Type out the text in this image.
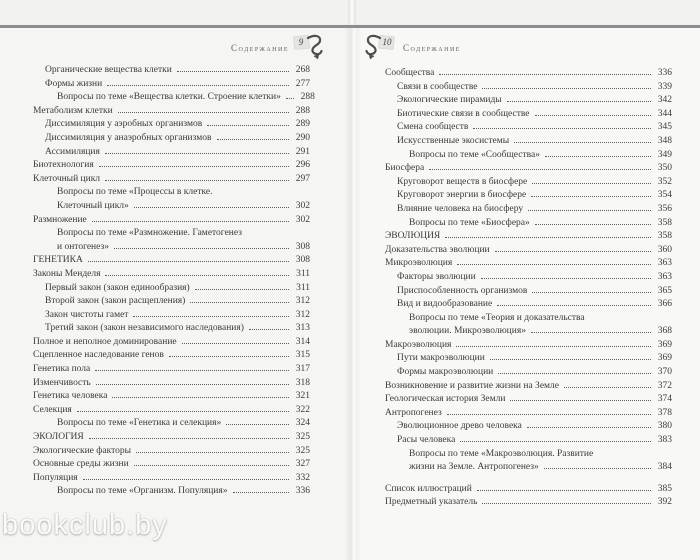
Содержание
9
Органические вещества клетки	268
Формы жизни	277
Вопросы по теме «Вещества клетки. Строение клетки»	288
Метаболизм клетки	288
Диссимиляция у аэробных организмов	289
Диссимиляция у анаэробных организмов	290
Ассимиляция	291
Биотехнология	296
Клеточный цикл	297
Вопросы по теме «Процессы в клетке.
Клеточный цикл»	302
Размножение	302
Вопросы по теме «Размножение. Гаметогенез
и онтогенез»	308
ГЕНЕТИКА	308
Законы Менделя	311
Первый закон (закон единообразия)	311
Второй закон (закон расщепления)	312
Закон чистоты гамет	312
Третий закон (закон независимого наследования)	313
Полное и неполное доминирование	314
Сцепленное наследование генов	315
Генетика пола	317
Изменчивость	318
Генетика человека	321
Селекция	322
Вопросы по теме «Генетика и селекция»	324
ЭКОЛОГИЯ	325
Экологические факторы	325
Основные среды жизни	327
Популяция	332
Вопросы по теме «Организм. Популяция»	336
10
Содержание
Сообщества	336
Связи в сообществе	339
Экологические пирамиды	342
Биотические связи в сообществе	344
Смена сообществ	345
Искусственные экосистемы	348
Вопросы по теме «Сообщества»	349
Биосфера	350
Круговорот веществ в биосфере	352
Круговорот энергии в биосфере	354
Влияние человека на биосферу	356
Вопросы по теме «Биосфера»	358
ЭВОЛЮЦИЯ	358
Доказательства эволюции	360
Микроэволюция	363
Факторы эволюции	363
Приспособленность организмов	365
Вид и видообразование	366
Вопросы по теме «Теория и доказательства
эволюции. Микроэволюция»	368
Макроэволюция	369
Пути макроэволюции	369
Формы макроэволюции	370
Возникновение и развитие жизни на Земле	372
Геологическая история Земли	374
Антропогенез	378
Эволюционное древо человека	380
Расы человека	383
Вопросы по теме «Макроэволюция. Развитие
жизни на Земле. Антропогенез»	384
Список иллюстраций	385
Предметный указатель	392
bookclub.by
